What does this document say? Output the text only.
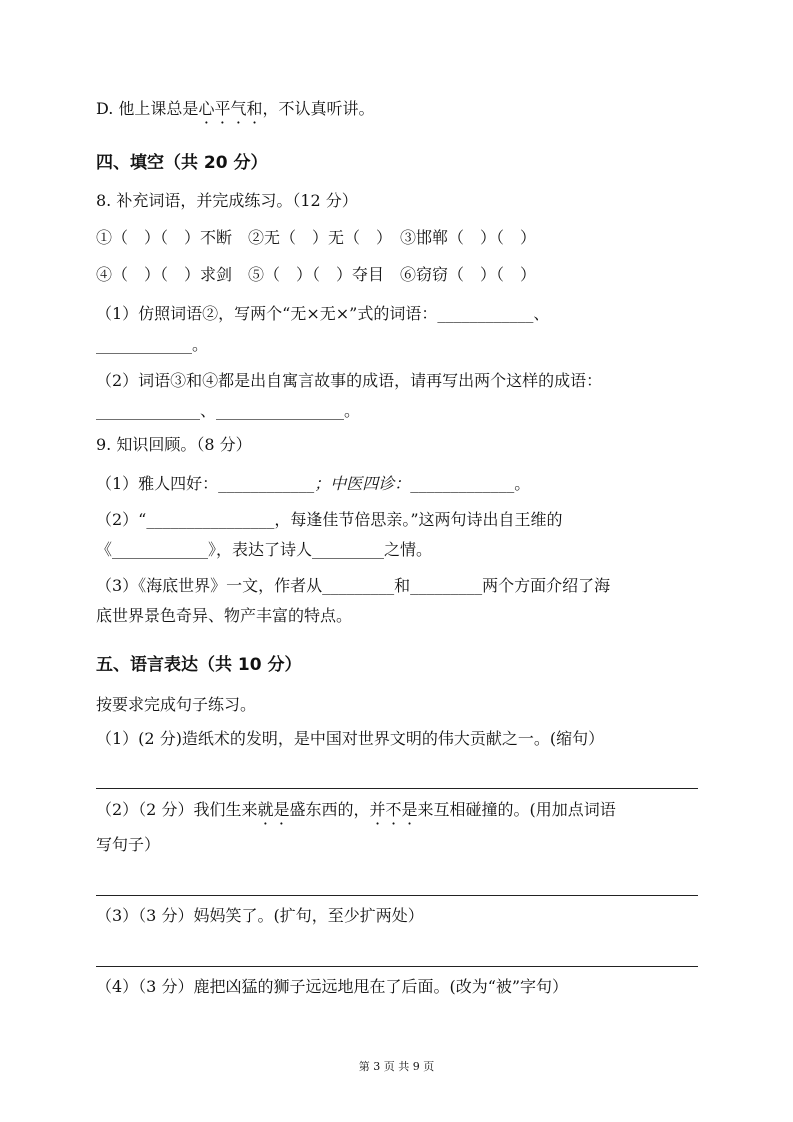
D. 他上课总是心平气和，不认真听讲。
四、填空（共 20 分）
8. 补充词语，并完成练习。（12 分）
①（　）（　）不断　②无（　）无（　）　③邯郸（　）（　）
④（　）（　）求剑　⑤（　）（　）夺目　⑥窃窃（　）（　）
（1）仿照词语②，写两个“无×无×”式的词语：____________、
____________。
（2）词语③和④都是出自寓言故事的成语，请再写出两个这样的成语：
_____________、________________。
9. 知识回顾。（8 分）
（1）雅人四好：____________；中医四诊：_____________。
（2）“________________，每逢佳节倍思亲。”这两句诗出自王维的
《____________》，表达了诗人_________之情。
（3）《海底世界》一文，作者从_________和_________两个方面介绍了海
底世界景色奇异、物产丰富的特点。
五、语言表达（共 10 分）
按要求完成句子练习。
（1）(2 分)造纸术的发明，是中国对世界文明的伟大贡献之一。(缩句）
（2）（2 分）我们生来就是盛东西的，并不是来互相碰撞的。(用加点词语
写句子）
（3）（3 分）妈妈笑了。(扩句，至少扩两处）
（4）（3 分）鹿把凶猛的狮子远远地甩在了后面。(改为“被”字句）
第 3 页 共 9 页
